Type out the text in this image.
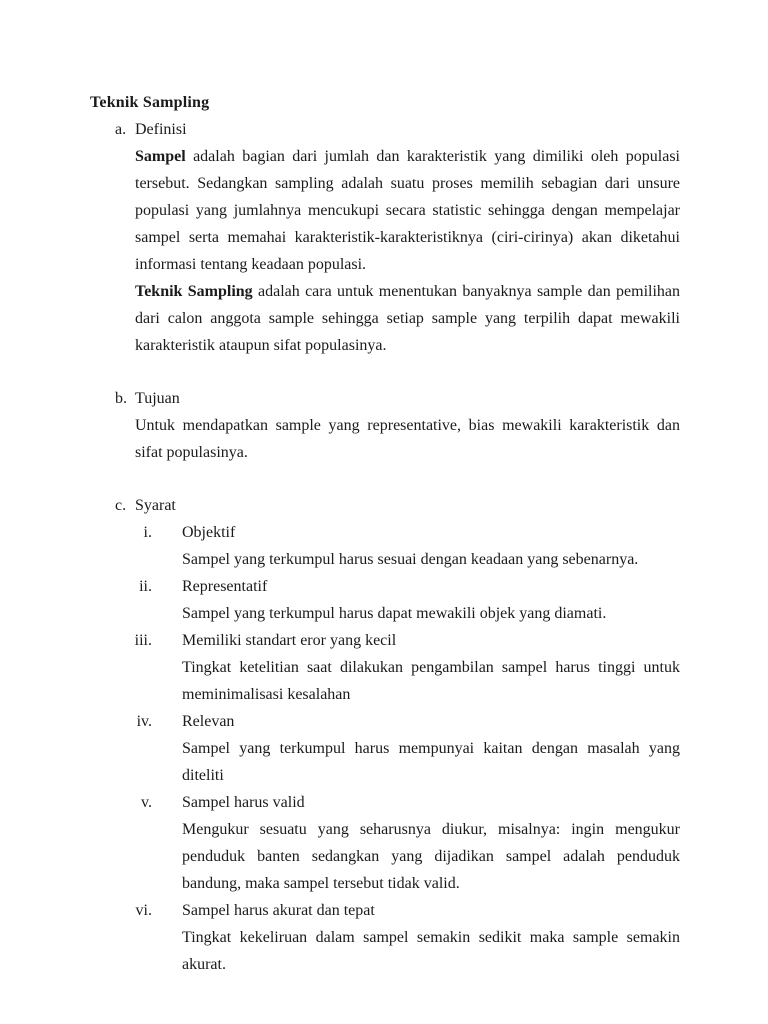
Teknik Sampling
a. Definisi

Sampel adalah bagian dari jumlah dan karakteristik yang dimiliki oleh populasi tersebut. Sedangkan sampling adalah suatu proses memilih sebagian dari unsure populasi yang jumlahnya mencukupi secara statistic sehingga dengan mempelajar sampel serta memahai karakteristik-karakteristiknya (ciri-cirinya) akan diketahui informasi tentang keadaan populasi.

Teknik Sampling adalah cara untuk menentukan banyaknya sample dan pemilihan dari calon anggota sample sehingga setiap sample yang terpilih dapat mewakili karakteristik ataupun sifat populasinya.

b. Tujuan

Untuk mendapatkan sample yang representative, bias mewakili karakteristik dan sifat populasinya.

c. Syarat
i.	Objektif

Sampel yang terkumpul harus sesuai dengan keadaan yang sebenarnya.

ii.	Representatif

Sampel yang terkumpul harus dapat mewakili objek yang diamati.

iii.	Memiliki standart eror yang kecil

Tingkat ketelitian saat dilakukan pengambilan sampel harus tinggi untuk meminimalisasi kesalahan

iv.	Relevan

Sampel yang terkumpul harus mempunyai kaitan dengan masalah yang diteliti

v.	Sampel harus valid

Mengukur sesuatu yang seharusnya diukur, misalnya: ingin mengukur penduduk banten sedangkan yang dijadikan sampel adalah penduduk bandung, maka sampel tersebut tidak valid.

vi.	Sampel harus akurat dan tepat

Tingkat kekeliruan dalam sampel semakin sedikit maka sample semakin akurat.
